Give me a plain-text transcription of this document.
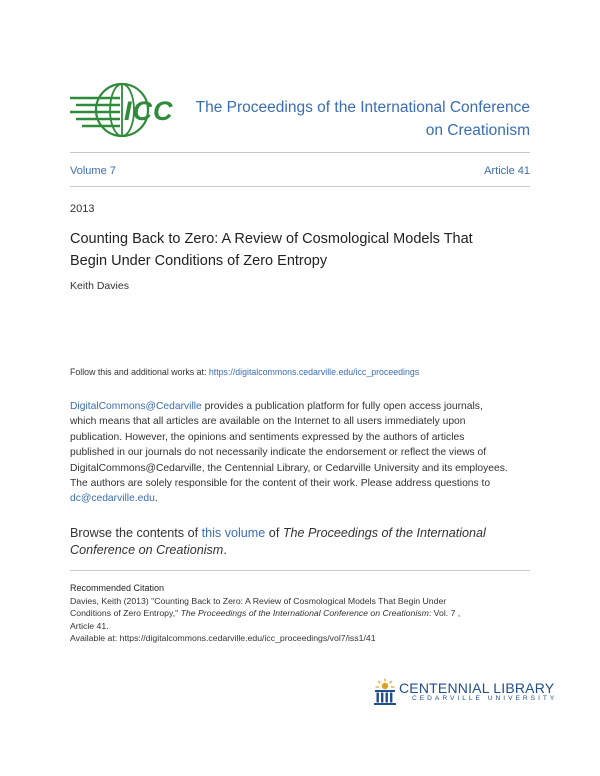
ICC	The Proceedings of the International Conference
on Creationism
Volume 7	Article 41
2013
Counting Back to Zero: A Review of Cosmological Models That
Begin Under Conditions of Zero Entropy
Keith Davies
Follow this and additional works at: https://digitalcommons.cedarville.edu/icc_proceedings
DigitalCommons@Cedarville provides a publication platform for fully open access journals,
which means that all articles are available on the Internet to all users immediately upon
publication. However, the opinions and sentiments expressed by the authors of articles
published in our journals do not necessarily indicate the endorsement or reflect the views of
DigitalCommons@Cedarville, the Centennial Library, or Cedarville University and its employees.
The authors are solely responsible for the content of their work. Please address questions to
dc@cedarville.edu.
Browse the contents of this volume of The Proceedings of the International
Conference on Creationism.
Recommended Citation
Davies, Keith (2013) "Counting Back to Zero: A Review of Cosmological Models That Begin Under
Conditions of Zero Entropy," The Proceedings of the International Conference on Creationism: Vol. 7 ,
Article 41.
Available at: https://digitalcommons.cedarville.edu/icc_proceedings/vol7/iss1/41
CENTENNIAL LIBRARY
CEDARVILLE UNIVERSITY
